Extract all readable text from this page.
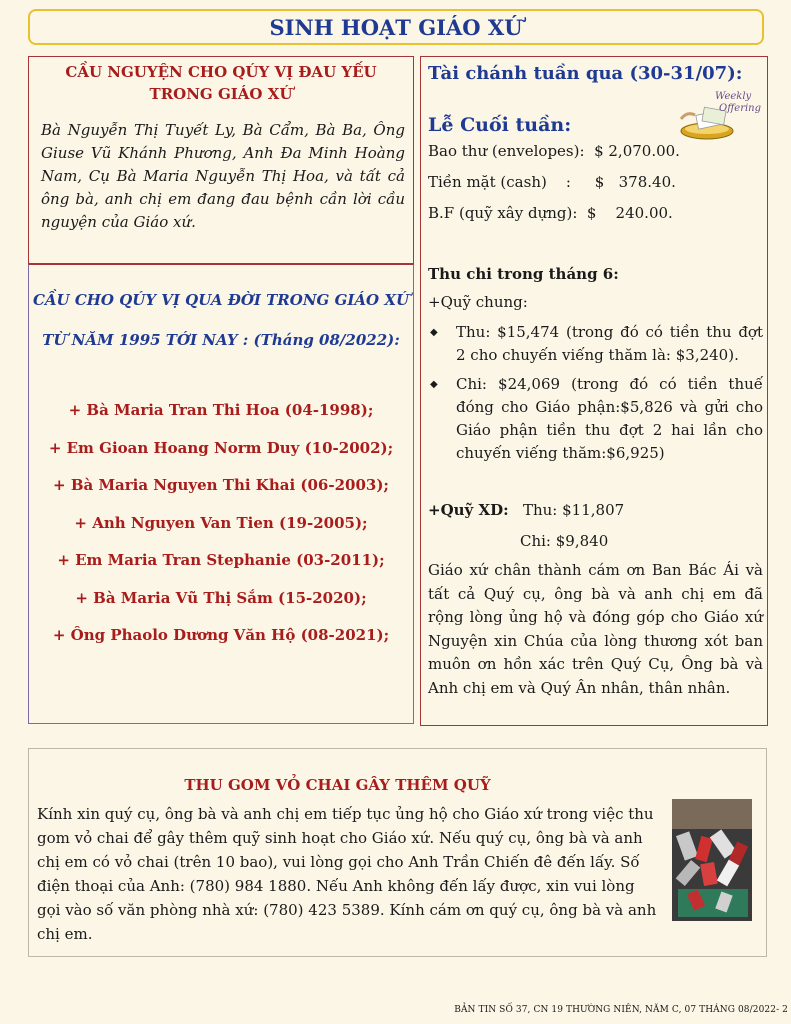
SINH HOẠT GIÁO XỨ
CẦU NGUYỆN CHO QÚY VỊ ĐAU YẾU
TRONG GIÁO XỨ
Bà Nguyễn Thị Tuyết Ly, Bà Cẩm, Bà Ba, Ông Giuse Vũ Khánh Phương, Anh Đa Minh Hoàng Nam, Cụ Bà Maria Nguyễn Thị Hoa, và tất cả ông bà, anh chị em đang đau bệnh cần lời cầu nguyện của Giáo xứ.
CẦU CHO QÚY VỊ QUA ĐỜI TRONG GIÁO XỨ
TỪ NĂM 1995 TỚI NAY : (Tháng 08/2022):
+ Bà Maria Tran Thi Hoa (04-1998);
+ Em Gioan Hoang Norm Duy (10-2002);
+ Bà Maria Nguyen Thi Khai (06-2003);
+ Anh Nguyen Van Tien (19-2005);
+ Em Maria Tran Stephanie (03-2011);
+ Bà Maria Vũ Thị Sắm (15-2020);
+ Ông Phaolo Dương Văn Hộ (08-2021);
Tài chánh tuần qua (30-31/07):
Weekly
Offering
Lễ Cuối tuần:
Bao thư (envelopes):  $ 2,070.00.
Tiền mặt (cash)    :     $   378.40.
B.F (quỹ xây dựng):  $    240.00.
Thu chi trong tháng 6:
+Quỹ chung:
◆	Thu: $15,474 (trong đó có tiền thu đợt 2 cho chuyến viếng thăm là: $3,240).
◆	Chi: $24,069 (trong đó có tiền thuế đóng cho Giáo phận:$5,826 và gửi cho Giáo phận tiền thu đợt 2 hai lần cho chuyến viếng thăm:$6,925)
+Quỹ XD: Thu: $11,807
Chi: $9,840
Giáo xứ chân thành cám ơn Ban Bác Ái và tất cả Quý cụ, ông bà và anh chị em đã rộng lòng ủng hộ và đóng góp cho Giáo xứ Nguyện xin Chúa của lòng thương xót ban muôn ơn hồn xác trên Quý Cụ, Ông bà và Anh chị em và Quý Ân nhân, thân nhân.
THU GOM VỎ CHAI GÂY THÊM QUỸ
Kính xin quý cụ, ông bà và anh chị em tiếp tục ủng hộ cho Giáo xứ trong việc thu gom vỏ chai để gây thêm quỹ sinh hoạt cho Giáo xứ. Nếu quý cụ, ông bà và anh chị em có vỏ chai (trên 10 bao), vui lòng gọi cho Anh Trần Chiến đê đến lấy. Số điện thoại của Anh: (780) 984 1880. Nếu Anh không đến lấy được, xin vui lòng gọi vào số văn phòng nhà xứ: (780) 423 5389. Kính cám ơn quý cụ, ông bà và anh chị em.
BẢN TIN SỐ 37, CN 19 THƯỜNG NIÊN, NĂM C, 07 THÁNG 08/2022- 2
